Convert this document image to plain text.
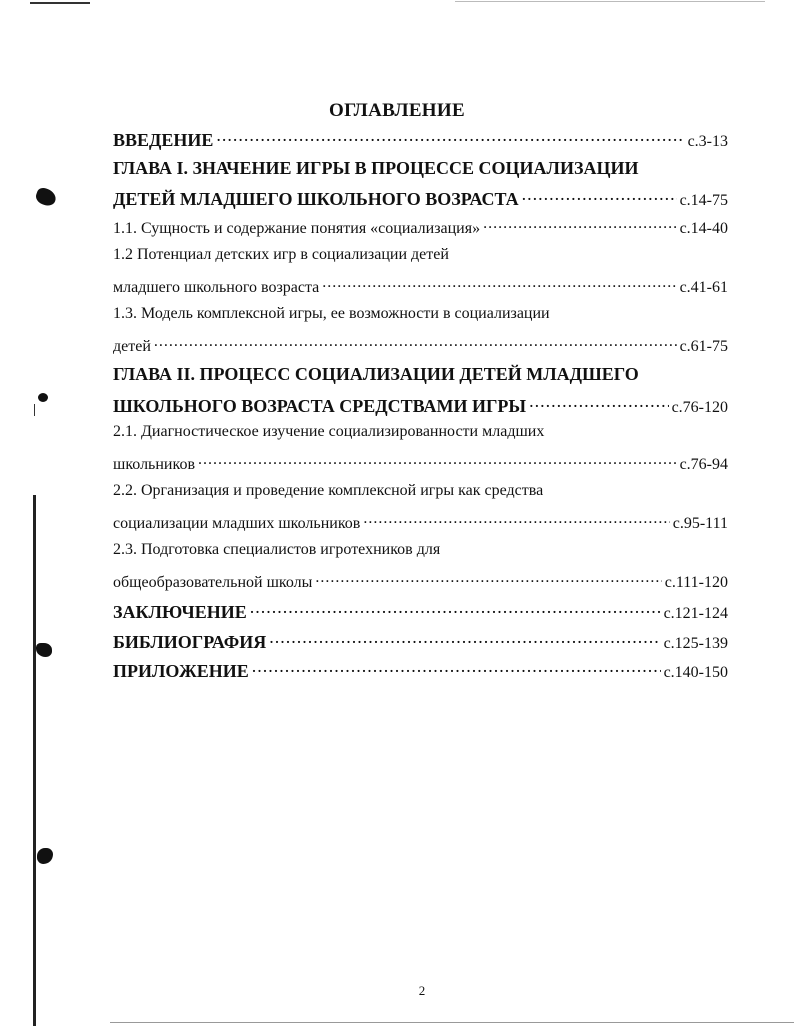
ОГЛАВЛЕНИЕ
ВВЕДЕНИЕ .....	с.3-13
ГЛАВА I. ЗНАЧЕНИЕ ИГРЫ В ПРОЦЕССЕ СОЦИАЛИЗАЦИИ
ДЕТЕЙ МЛАДШЕГО ШКОЛЬНОГО ВОЗРАСТА .....	с.14-75
1.1. Сущность и содержание понятия «социализация» .....	с.14-40
1.2 Потенциал детских игр в социализации детей
младшего школьного возраста .....	с.41-61
1.3. Модель комплексной игры, ее возможности в социализации
детей .....	с.61-75
ГЛАВА II. ПРОЦЕСС СОЦИАЛИЗАЦИИ ДЕТЕЙ МЛАДШЕГО
ШКОЛЬНОГО ВОЗРАСТА СРЕДСТВАМИ ИГРЫ .....	с.76-120
2.1. Диагностическое изучение социализированности младших
школьников .....	с.76-94
2.2. Организация и проведение комплексной игры как средства
социализации младших школьников .....	с.95-111
2.3. Подготовка специалистов игротехников для
общеобразовательной школы .....	с.111-120
ЗАКЛЮЧЕНИЕ .....	с.121-124
БИБЛИОГРАФИЯ .....	с.125-139
ПРИЛОЖЕНИЕ .....	с.140-150
2
